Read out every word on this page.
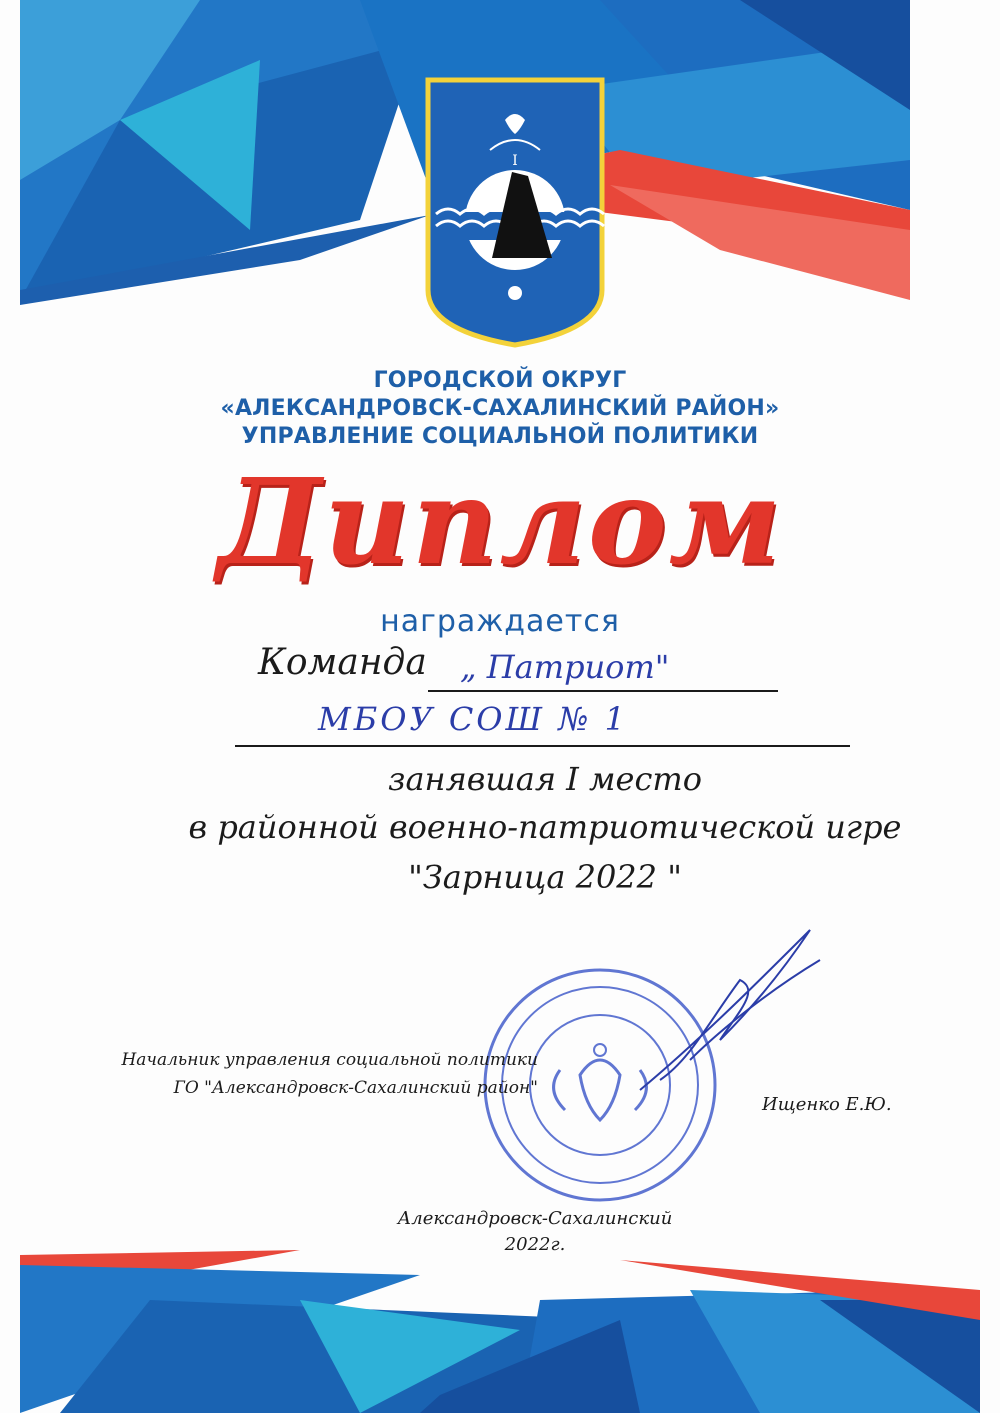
I
ГОРОДСКОЙ ОКРУГ
«АЛЕКСАНДРОВСК-САХАЛИНСКИЙ РАЙОН»
УПРАВЛЕНИЕ СОЦИАЛЬНОЙ ПОЛИТИКИ
Диплом
награждается
Команда „ Патриот"
МБОУ СОШ № 1
занявшая I место
в районной военно-патриотической игре
"Зарница 2022 "
Начальник управления социальной политики
ГО "Александровск-Сахалинский район"
Ищенко Е.Ю.
Александровск-Сахалинский
2022г.
